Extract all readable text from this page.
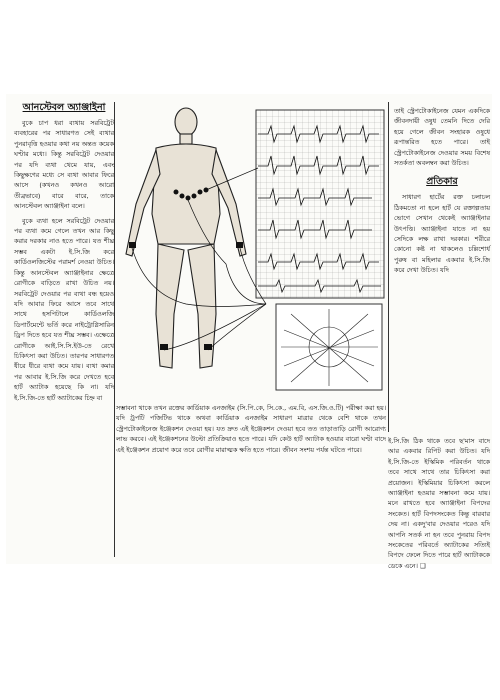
আনস্টেবল অ্যাঞ্জাইনা

বুকে চাপ ধরা ব্যথায় সরবিট্রেট ব্যবহারের পর সাধারণত সেই ব্যথার পুনরাবৃত্তি হওয়ার কথা নয় অন্তত কয়েক ঘণ্টার মধ্যে। কিন্তু সরবিট্রেট দেওয়ার পর যদি ব্যথা থেমে যায়, এবং কিছুক্ষণের মধ্যে সে ব্যথা আবার ফিরে আসে (কখনও কখনও আরো তীব্রভাবে) বারে বারে, তাকে আনস্টেবল অ্যাঞ্জাইনা বলে।

বুকে ব্যথা হলে সরবিট্রেট দেওয়ার পর ব্যথা কমে গেলে তখন আর কিছু করার দরকার নাও হতে পারে। যত শীঘ্র সম্ভব একটা ই.সি.জি করে কার্ডিওলজিস্টের পরামর্শ নেওয়া উচিত। কিন্তু আনস্টেবল অ্যাঞ্জাইনার ক্ষেত্রে রোগীকে বাড়িতে রাখা উচিত নয়। সরবিট্রেট দেওয়ার পর ব্যথা বন্ধ হয়েও যদি আবার ফিরে আসে তবে সাথে সাথে হসপিটালে কার্ডিওলজি ডিপার্টমেন্টে ভর্তি করে নাইট্রোগ্লিসারিন ড্রিপ দিতে হবে যত শীঘ্র সম্ভব। এক্ষেত্রে রোগীকে আই.সি.সি.ইউ-তে রেখে চিকিৎসা করা উচিত। তারপর সাধারণত ধীরে ধীরে ব্যথা কমে যায়। ব্যথা কমার পর আবার ই.সি.জি করে দেখতে হবে হার্ট অ্যাটাক হয়েছে কি না। যদি ই.সি.জি-তে হার্ট অ্যাটাকের চিহ্ন বা

তাই স্ট্রেপটোকাইনেজ যেমন একদিকে জীবনদায়ী ওষুধ তেমনি দিতে দেরি হয়ে গেলে জীবন সংহারক ওষুধে রূপান্তরিত হতে পারে। তাই স্ট্রেপটোকাইনেজ দেওয়ার সময় বিশেষ সতর্কতা অবলম্বন করা উচিত।

প্রতিকার

সাধারণ হার্টের রক্ত চলাচল ঠিকমতো না হলে হার্ট যে রক্তাল্পতায় ভোগে সেখান থেকেই অ্যাঞ্জাইনার উৎপত্তি। অ্যাঞ্জাইনা যাতে না হয় সেদিকে লক্ষ রাখা দরকার। শরীরে কোনো কষ্ট না থাকলেও চল্লিশোর্ধ পুরুষ বা মহিলার একবার ই.সি.জি করে দেখা উচিত। যদি

সম্ভাবনা থাকে তখন রক্তের কার্ডিয়াক এনজাইম (সি.পি.কে, সি.কে., এম.বি, এস.জি.ও.টি) পরীক্ষা করা হয়। যদি ট্রপটি পজিটিভ থাকে অথবা কার্ডিয়াক এনজাইম সাধারণ মাত্রার থেকে বেশি থাকে তখন স্ট্রেপটোকাইনেজ ইঞ্জেকশন দেওয়া হয়। যত দ্রুত এই ইঞ্জেকশন দেওয়া হবে তত তাড়াতাড়ি রোগী আরোগ্য লাভ করবে। এই ইঞ্জেকশনের উল্টো প্রতিক্রিয়াও হতে পারে। যদি কেউ হার্ট অ্যাটাক হওয়ার বারো ঘণ্টা বাদে এই ইঞ্জেকশন প্রয়োগ করে তবে রোগীর মারাত্মক ক্ষতি হতে পারে। জীবন সংশয় পর্যন্ত ঘটতে পারে।

ই.সি.জি ঠিক থাকে তবে ছ'মাস বাদে আর একবার রিপিট করা উচিত। যদি ই.সি.জি-তে ইস্কিমিক পরিবর্তন থাকে তবে সাথে সাথে তার চিকিৎসা করা প্রয়োজন। ইস্কিমিয়ার চিকিৎসা করলে অ্যাঞ্জাইনা হওয়ার সম্ভাবনা কমে যায়। মনে রাখতে হবে অ্যাঞ্জাইনা বিপদের সংকেত। হার্ট বিপদসংকেত কিন্তু বারবার দেয় না। একদু'বার দেওয়ার পরেও যদি আপনি সতর্ক না হন তবে পুনরায় বিপদ সংকেতের পরিবর্তে অ্যাটাকের সত্যিই বিপদে ফেলে দিতে পারে হার্ট অ্যাটাককে ডেকে এনে। ❑
